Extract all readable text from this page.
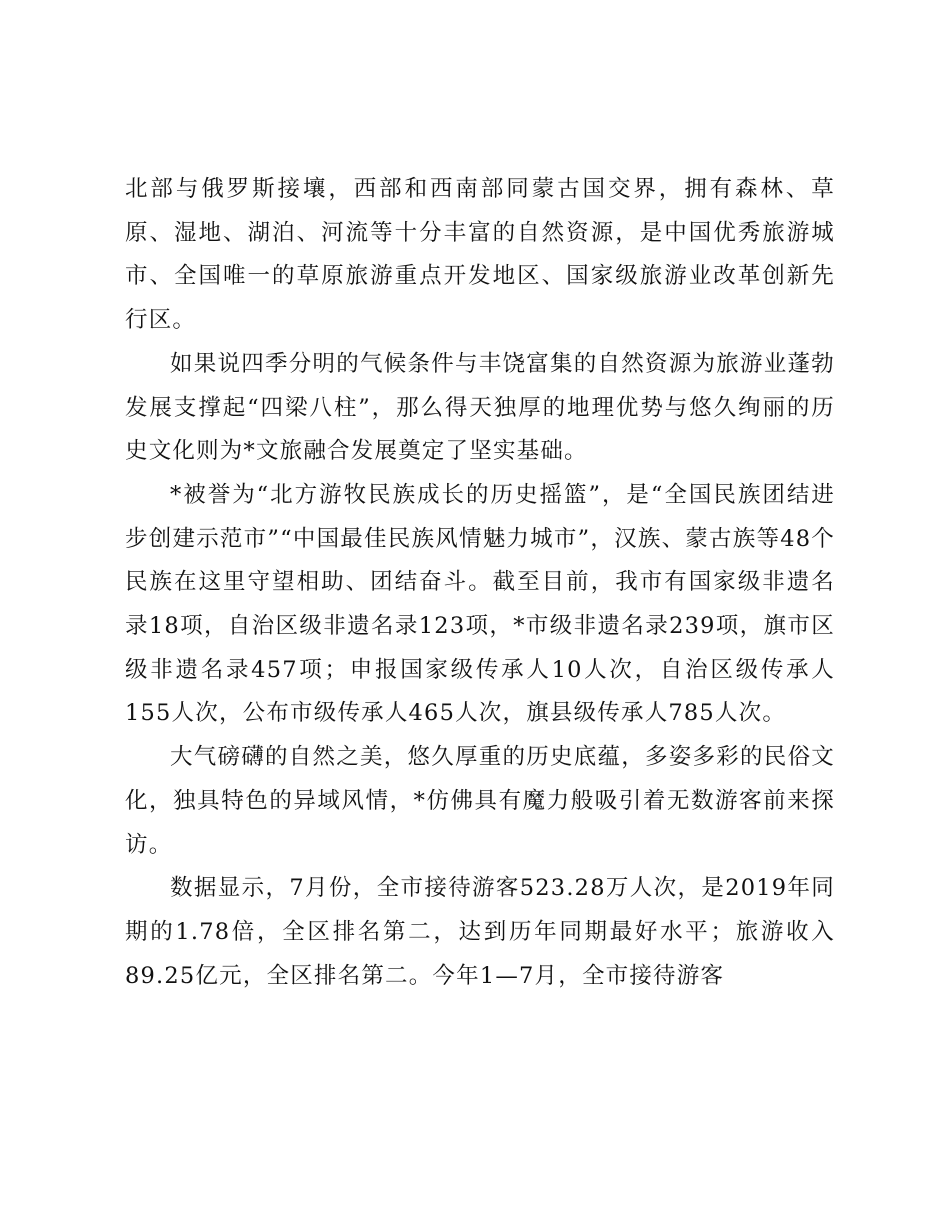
北部与俄罗斯接壤，西部和西南部同蒙古国交界，拥有森林、草原、湿地、湖泊、河流等十分丰富的自然资源，是中国优秀旅游城市、全国唯一的草原旅游重点开发地区、国家级旅游业改革创新先行区。

如果说四季分明的气候条件与丰饶富集的自然资源为旅游业蓬勃发展支撑起“四梁八柱”，那么得天独厚的地理优势与悠久绚丽的历史文化则为*文旅融合发展奠定了坚实基础。

*被誉为“北方游牧民族成长的历史摇篮”，是“全国民族团结进步创建示范市”“中国最佳民族风情魅力城市”，汉族、蒙古族等48个民族在这里守望相助、团结奋斗。截至目前，我市有国家级非遗名录18项，自治区级非遗名录123项，*市级非遗名录239项，旗市区级非遗名录457项；申报国家级传承人10人次，自治区级传承人155人次，公布市级传承人465人次，旗县级传承人785人次。

大气磅礴的自然之美，悠久厚重的历史底蕴，多姿多彩的民俗文化，独具特色的异域风情，*仿佛具有魔力般吸引着无数游客前来探访。

数据显示，7月份，全市接待游客523.28万人次，是2019年同期的1.78倍，全区排名第二，达到历年同期最好水平；旅游收入89.25亿元，全区排名第二。今年1—7月，全市接待游客
